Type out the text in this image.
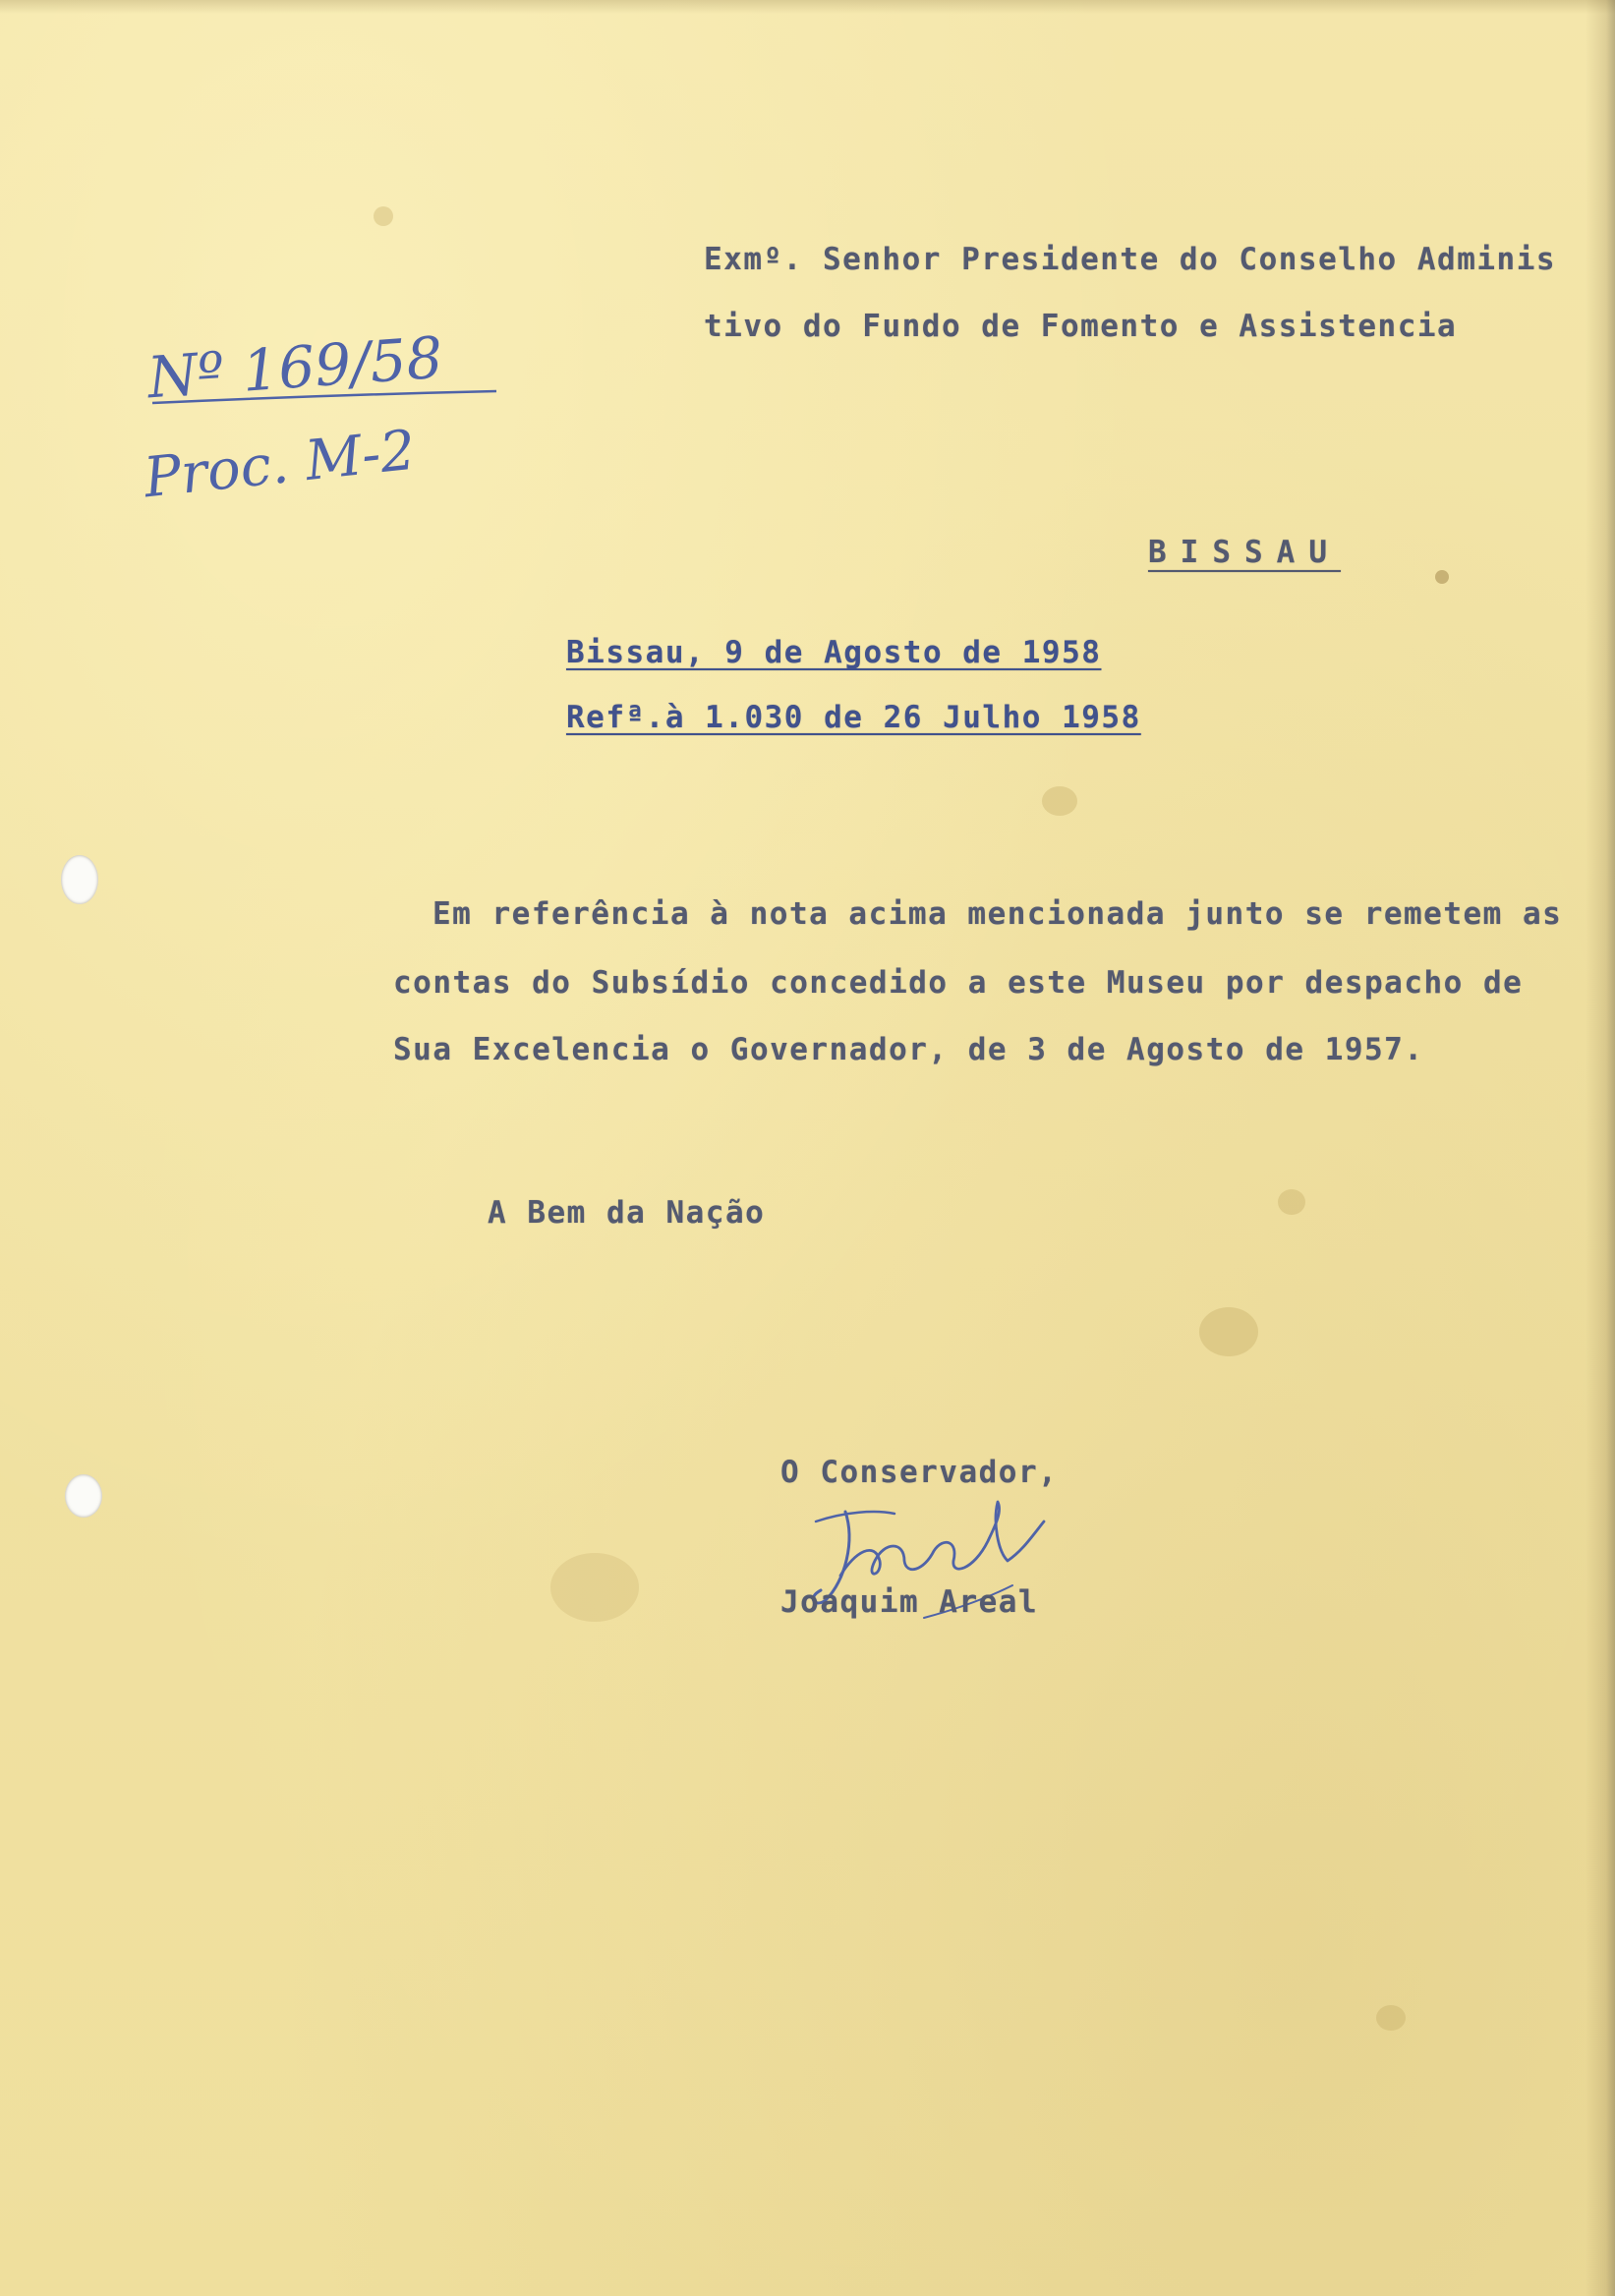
Exmº. Senhor Presidente do Conselho Adminis
tivo do Fundo de Fomento e Assistencia
Nº 169/58
Proc. M-2
BISSAU
Bissau, 9 de Agosto de 1958
Refª.à 1.030 de 26 Julho 1958
Em referência à nota acima mencionada junto se remetem as
contas do Subsídio concedido a este Museu por despacho de
Sua Excelencia o Governador, de 3 de Agosto de 1957.
A Bem da Nação
O Conservador,
Joaquim Areal
